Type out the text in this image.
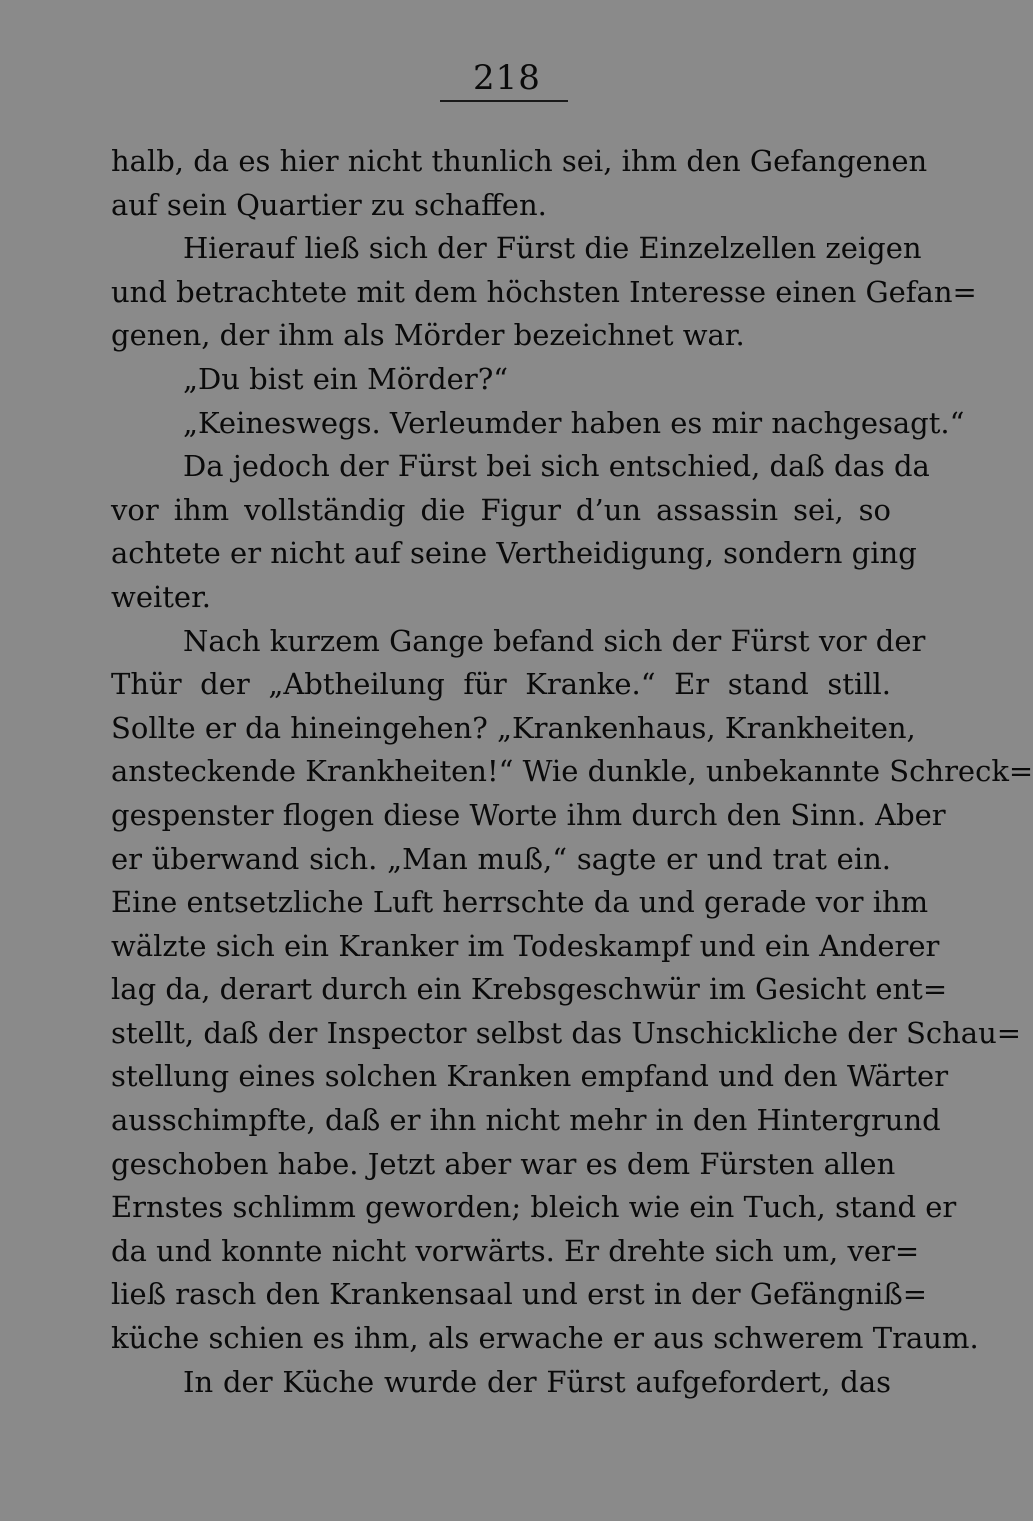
218
halb, da es hier nicht thunlich sei, ihm den Gefangenen
auf sein Quartier zu schaffen.
Hierauf ließ sich der Fürst die Einzelzellen zeigen
und betrachtete mit dem höchsten Interesse einen Gefan=
genen, der ihm als Mörder bezeichnet war.
„Du bist ein Mörder?“
„Keineswegs. Verleumder haben es mir nachgesagt.“
Da jedoch der Fürst bei sich entschied, daß das da
vor ihm vollständig die Figur d’un assassin sei, so
achtete er nicht auf seine Vertheidigung, sondern ging
weiter.
Nach kurzem Gange befand sich der Fürst vor der
Thür der „Abtheilung für Kranke.“ Er stand still.
Sollte er da hineingehen? „Krankenhaus, Krankheiten,
ansteckende Krankheiten!“ Wie dunkle, unbekannte Schreck=
gespenster flogen diese Worte ihm durch den Sinn. Aber
er überwand sich. „Man muß,“ sagte er und trat ein.
Eine entsetzliche Luft herrschte da und gerade vor ihm
wälzte sich ein Kranker im Todeskampf und ein Anderer
lag da, derart durch ein Krebsgeschwür im Gesicht ent=
stellt, daß der Inspector selbst das Unschickliche der Schau=
stellung eines solchen Kranken empfand und den Wärter
ausschimpfte, daß er ihn nicht mehr in den Hintergrund
geschoben habe. Jetzt aber war es dem Fürsten allen
Ernstes schlimm geworden; bleich wie ein Tuch, stand er
da und konnte nicht vorwärts. Er drehte sich um, ver=
ließ rasch den Krankensaal und erst in der Gefängniß=
küche schien es ihm, als erwache er aus schwerem Traum.
In der Küche wurde der Fürst aufgefordert, das
